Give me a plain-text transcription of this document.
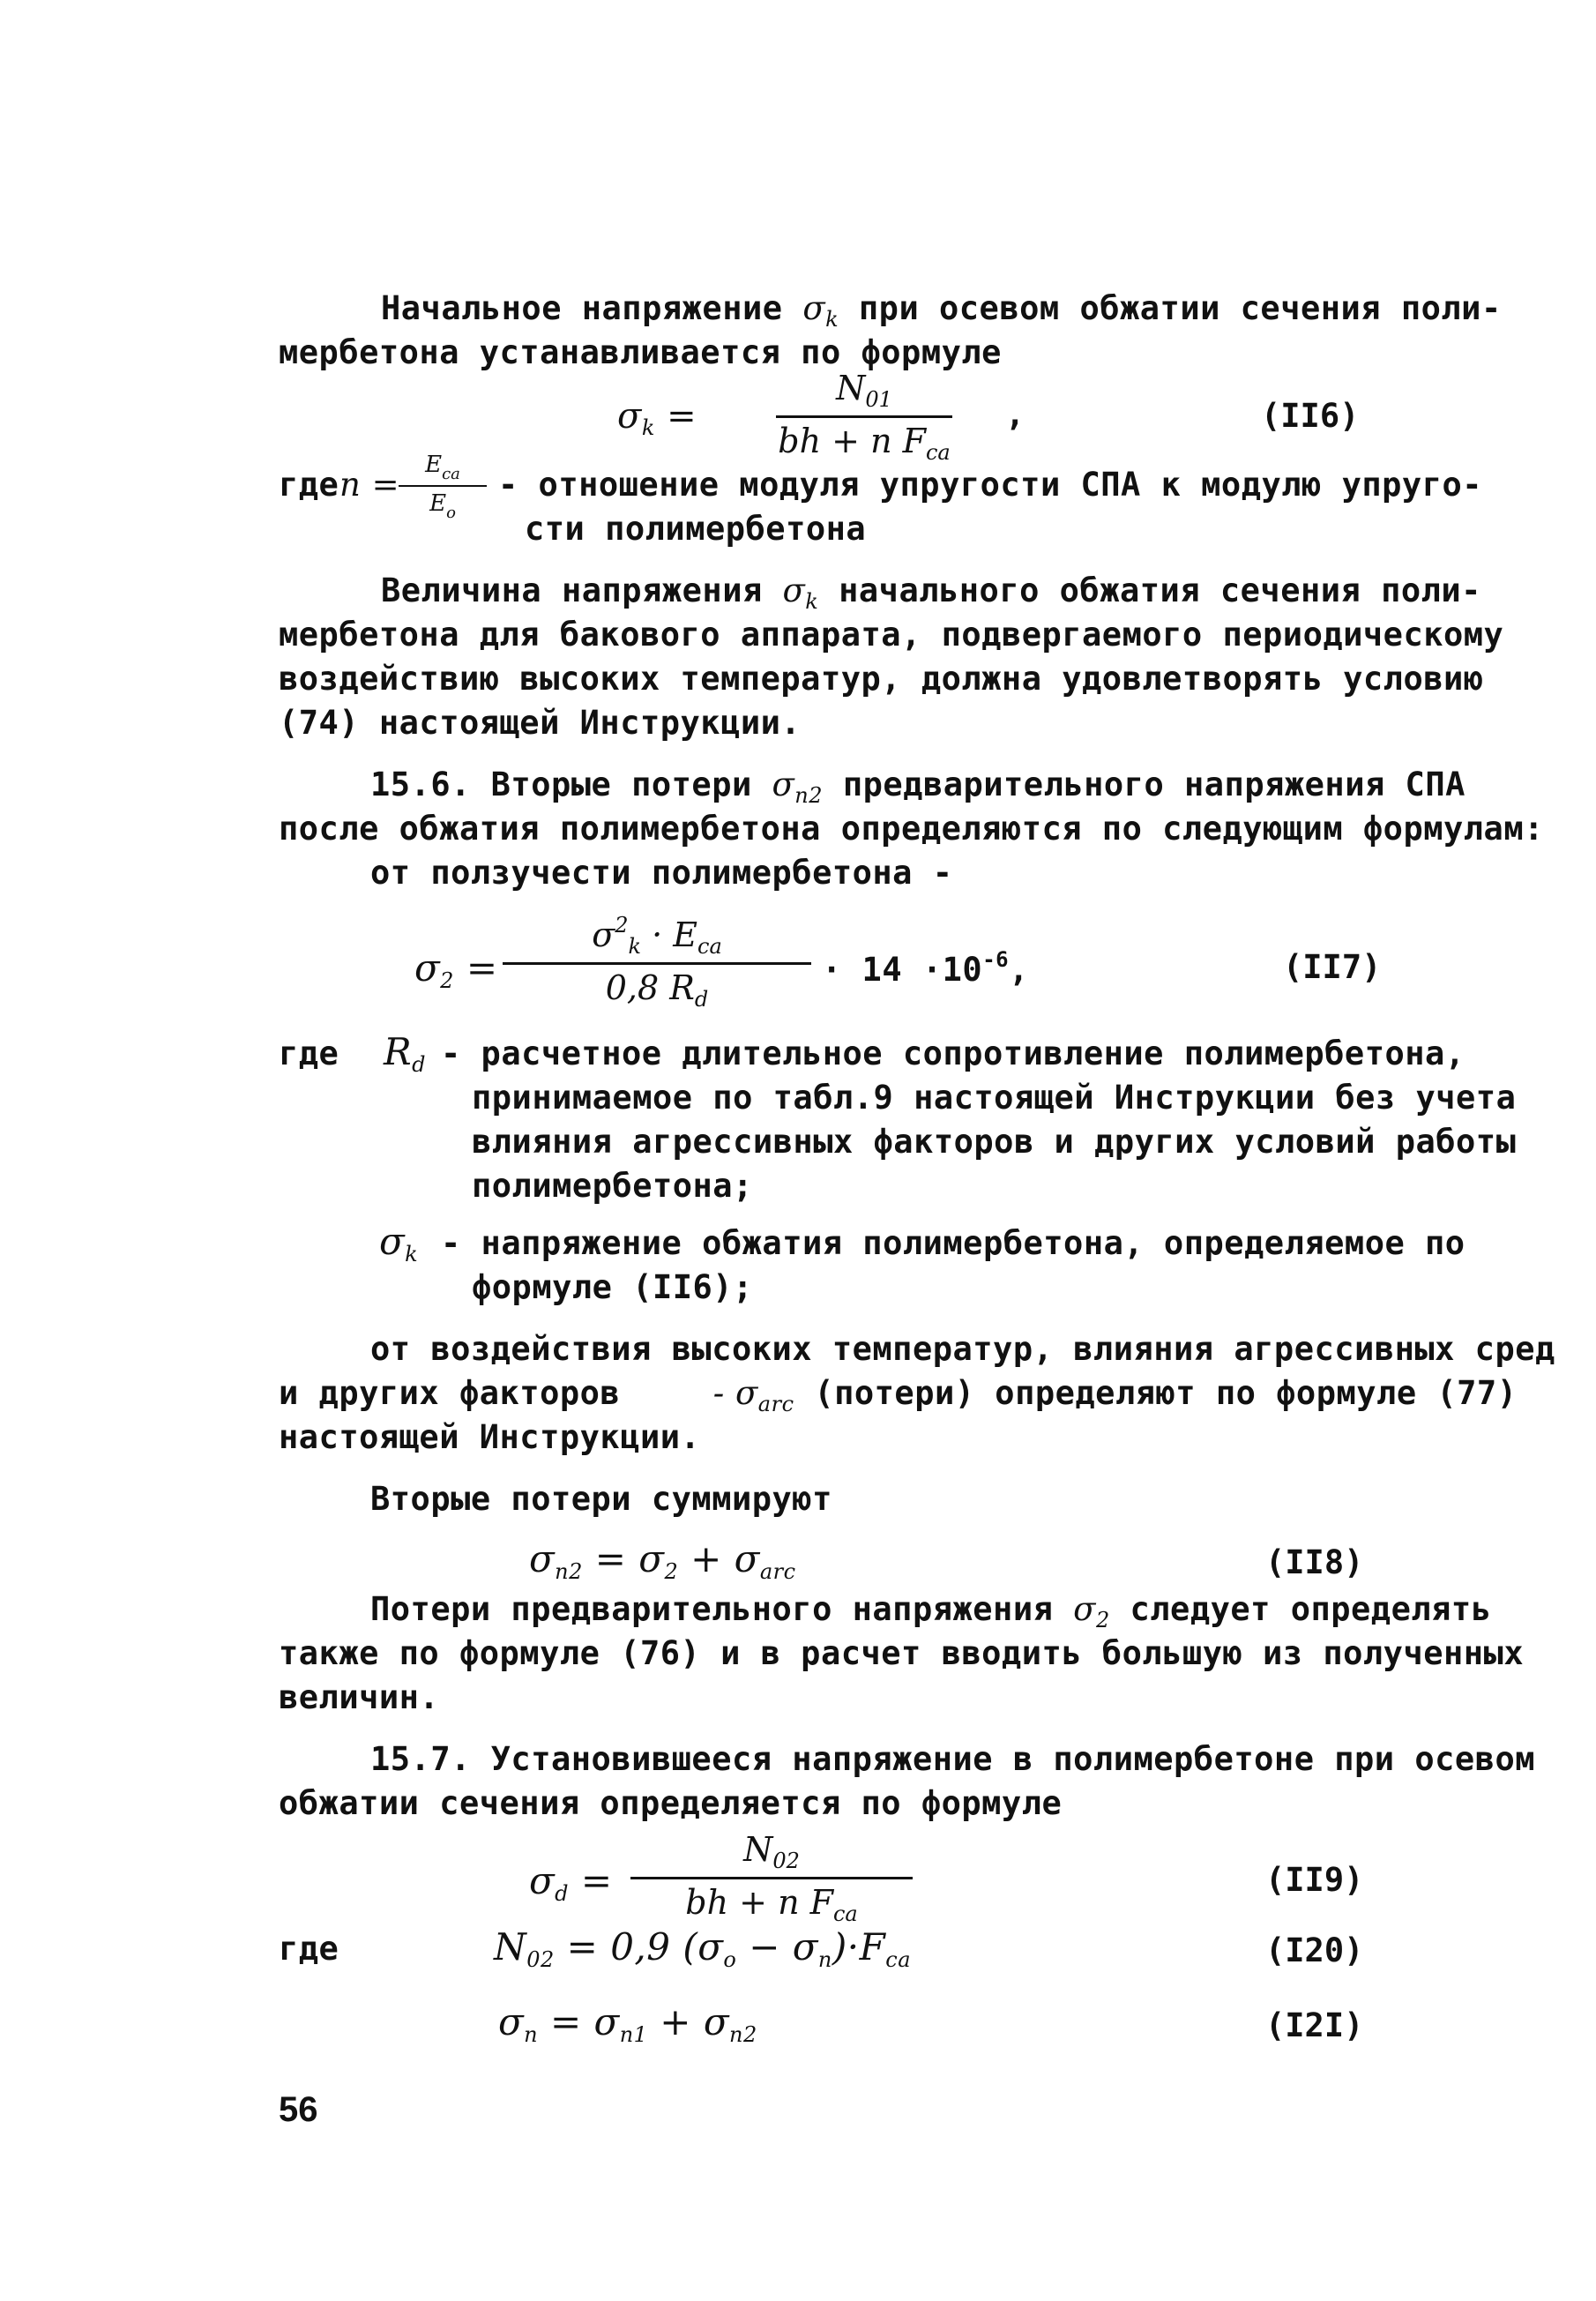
Начальное напряжение $\sigma_k$ при осевом обжатии сечения поли-
мербетона устанавливается по формуле
$\sigma_k$ =
$N_{01}$
bh + n $F_{ca}$
,	(II6)
где n =
$E_{ca}$
$E_o$
- отношение модуля упругости СПА к модулю упруго-
сти полимербетона
Величина напряжения $\sigma_k$ начального обжатия сечения поли-
мербетона для бакового аппарата, подвергаемого периодическому
воздействию высоких температур, должна удовлетворять условию
(74) настоящей Инструкции.
15.6. Вторые потери $\sigma_{n2}$ предварительного напряжения СПА
после обжатия полимербетона определяются по следующим формулам:
от ползучести полимербетона -
$\sigma_2$ =
$\sigma^2_k \cdot E_{ca}$
0,8 $R_d$
· $14 \cdot 10^{-6}$,	(II7)
где $R_d$ - расчетное длительное сопротивление полимербетона,
принимаемое по табл.9 настоящей Инструкции без учета
влияния агрессивных факторов и других условий работы
полимербетона;
$\sigma_k$ - напряжение обжатия полимербетона, определяемое по
формуле (II6);
от воздействия высоких температур, влияния агрессивных сред
и других факторов	- $\sigma_{arc}$ (потери) определяют по формуле (77)
настоящей Инструкции.
Вторые потери суммируют
$\sigma_{n2} = \sigma_2 + \sigma_{arc}$	(II8)
Потери предварительного напряжения $\sigma_2$ следует определять
также по формуле (76) и в расчет вводить большую из полученных
величин.
15.7. Установившееся напряжение в полимербетоне при осевом
обжатии сечения определяется по формуле
$\sigma_d$ =
$N_{02}$
bh + n $F_{ca}$
(II9)
где	$N_{02} = 0,9$ $(\sigma_o - \sigma_n)\cdot F_{ca}$	(I20)
$\sigma_n = \sigma_{n1} + \sigma_{n2}$	(I2I)
56
